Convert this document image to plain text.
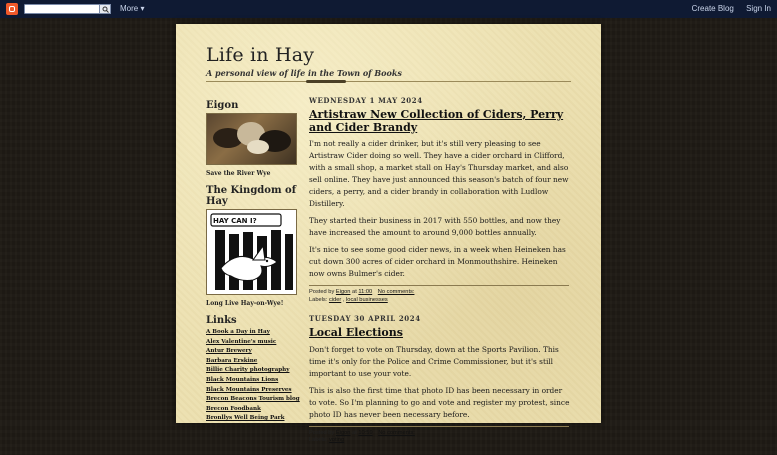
More ▾	Create Blog Sign In
Life in Hay
A personal view of life in the Town of Books
Eigon
Save the River Wye
The Kingdom of Hay
HAY CAN I?
Long Live Hay-on-Wye!
Links
A Book a Day in Hay
Alex Valentine's music
Antur Brewery
Barbara Erskine
Billie Charity photography
Black Mountains Lions
Black Mountains Preserves
Brecon Beacons Tourism blog
Brecon Foodbank
Bronllys Well Being Park
WEDNESDAY 1 MAY 2024
Artistraw New Collection of Ciders, Perry and Cider Brandy

I'm not really a cider drinker, but it's still very pleasing to see Artistraw Cider doing so well. They have a cider orchard in Clifford, with a small shop, a market stall on Hay's Thursday market, and also sell online. They have just announced this season's batch of four new ciders, a perry, and a cider brandy in collaboration with Ludlow Distillery.

They started their business in 2017 with 550 bottles, and now they have increased the amount to around 9,000 bottles annually.

It's nice to see some good cider news, in a week when Heineken has cut down 300 acres of cider orchard in Monmouthshire. Heineken now owns Bulmer's cider.

Posted by Eigon at 11:00 No comments:
Labels: cider , local businesses
TUESDAY 30 APRIL 2024
Local Elections

Don't forget to vote on Thursday, down at the Sports Pavilion. This time it's only for the Police and Crime Commissioner, but it's still important to use your vote.

This is also the first time that photo ID has been necessary in order to vote. So I'm planning to go and vote and register my protest, since photo ID has never been necessary before.

Posted by Eigon at 10:59 No comments:
Labels: voting
